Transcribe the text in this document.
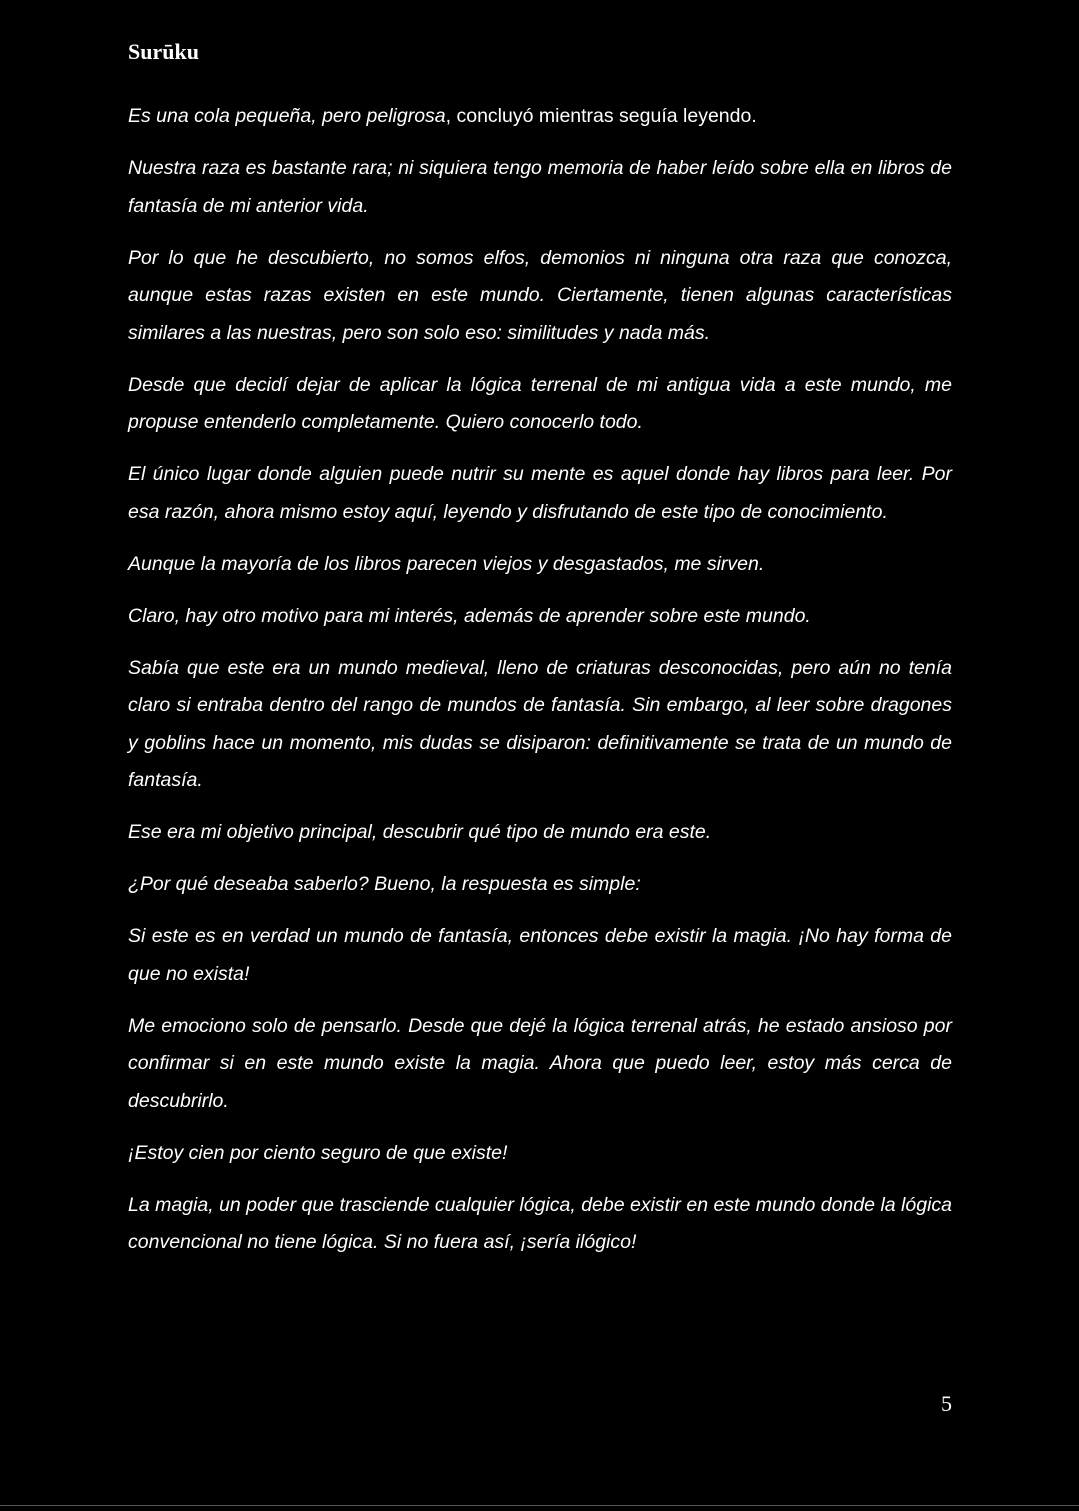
Surūku

Es una cola pequeña, pero peligrosa, concluyó mientras seguía leyendo.

Nuestra raza es bastante rara; ni siquiera tengo memoria de haber leído sobre ella en libros de fantasía de mi anterior vida.

Por lo que he descubierto, no somos elfos, demonios ni ninguna otra raza que conozca, aunque estas razas existen en este mundo. Ciertamente, tienen algunas características similares a las nuestras, pero son solo eso: similitudes y nada más.

Desde que decidí dejar de aplicar la lógica terrenal de mi antigua vida a este mundo, me propuse entenderlo completamente. Quiero conocerlo todo.

El único lugar donde alguien puede nutrir su mente es aquel donde hay libros para leer. Por esa razón, ahora mismo estoy aquí, leyendo y disfrutando de este tipo de conocimiento.

Aunque la mayoría de los libros parecen viejos y desgastados, me sirven.

Claro, hay otro motivo para mi interés, además de aprender sobre este mundo.

Sabía que este era un mundo medieval, lleno de criaturas desconocidas, pero aún no tenía claro si entraba dentro del rango de mundos de fantasía. Sin embargo, al leer sobre dragones y goblins hace un momento, mis dudas se disiparon: definitivamente se trata de un mundo de fantasía.

Ese era mi objetivo principal, descubrir qué tipo de mundo era este.

¿Por qué deseaba saberlo? Bueno, la respuesta es simple:

Si este es en verdad un mundo de fantasía, entonces debe existir la magia. ¡No hay forma de que no exista!

Me emociono solo de pensarlo. Desde que dejé la lógica terrenal atrás, he estado ansioso por confirmar si en este mundo existe la magia. Ahora que puedo leer, estoy más cerca de descubrirlo.

¡Estoy cien por ciento seguro de que existe!

La magia, un poder que trasciende cualquier lógica, debe existir en este mundo donde la lógica convencional no tiene lógica. Si no fuera así, ¡sería ilógico!

5
